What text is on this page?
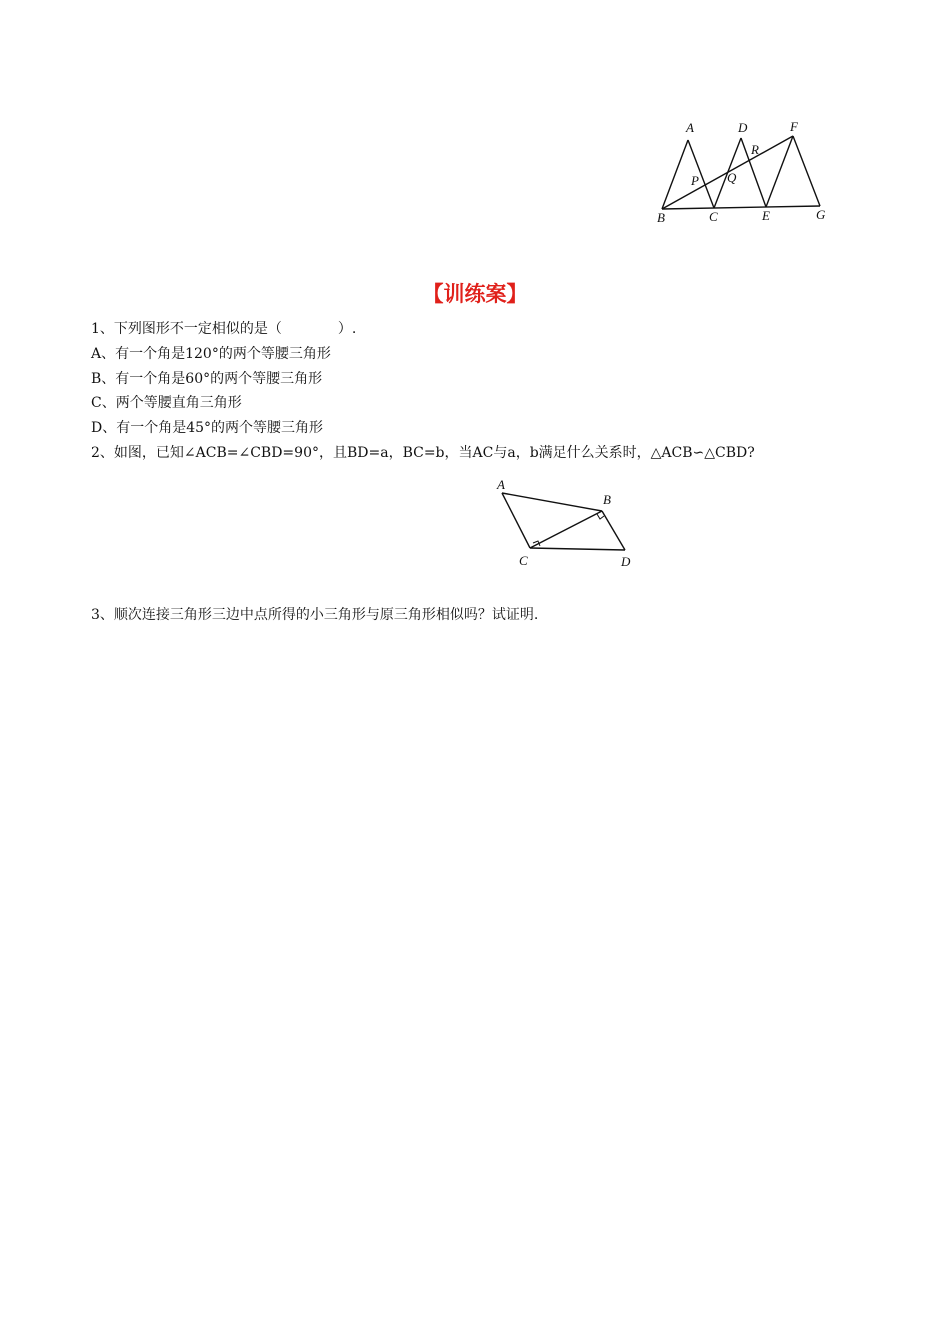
A	D	F
R
P Q
B	C	E	G
【训练案】
1、下列图形不一定相似的是（　　　　）.
A、有一个角是120°的两个等腰三角形
B、有一个角是60°的两个等腰三角形
C、两个等腰直角三角形
D、有一个角是45°的两个等腰三角形
2、如图，已知∠ACB=∠CBD=90°，且BD=a，BC=b，当AC与a，b满足什么关系时，△ACB∽△CBD?
A
B
C	D
3、顺次连接三角形三边中点所得的小三角形与原三角形相似吗？试证明.
